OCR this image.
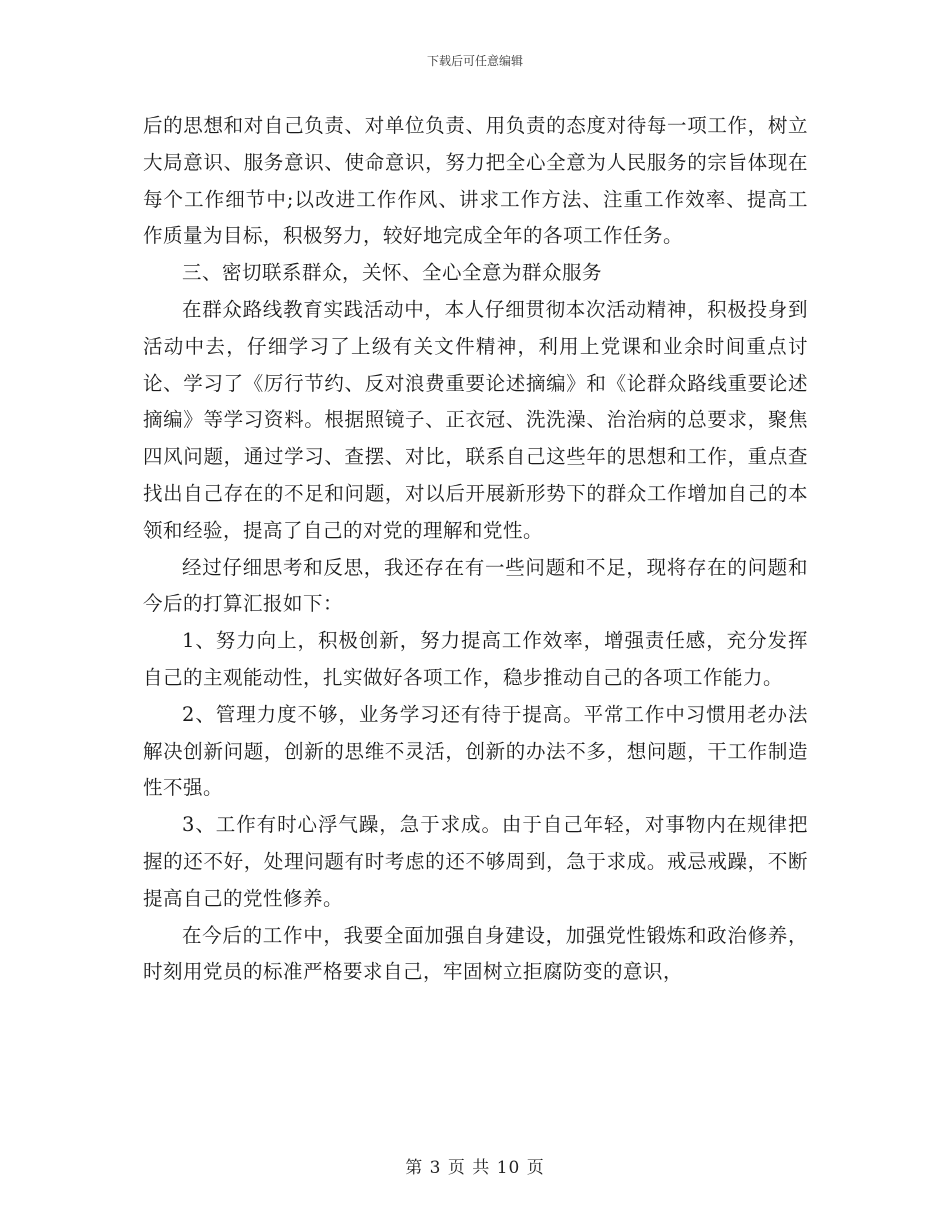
下载后可任意编辑

后的思想和对自己负责、对单位负责、用负责的态度对待每一项工作，树立大局意识、服务意识、使命意识，努力把全心全意为人民服务的宗旨体现在每个工作细节中;以改进工作作风、讲求工作方法、注重工作效率、提高工作质量为目标，积极努力，较好地完成全年的各项工作任务。

三、密切联系群众，关怀、全心全意为群众服务

在群众路线教育实践活动中，本人仔细贯彻本次活动精神，积极投身到活动中去，仔细学习了上级有关文件精神，利用上党课和业余时间重点讨论、学习了《厉行节约、反对浪费重要论述摘编》和《论群众路线重要论述摘编》等学习资料。根据照镜子、正衣冠、洗洗澡、治治病的总要求，聚焦四风问题，通过学习、查摆、对比，联系自己这些年的思想和工作，重点查找出自己存在的不足和问题，对以后开展新形势下的群众工作增加自己的本领和经验，提高了自己的对党的理解和党性。

经过仔细思考和反思，我还存在有一些问题和不足，现将存在的问题和今后的打算汇报如下：

1、努力向上，积极创新，努力提高工作效率，增强责任感，充分发挥自己的主观能动性，扎实做好各项工作，稳步推动自己的各项工作能力。

2、管理力度不够，业务学习还有待于提高。平常工作中习惯用老办法解决创新问题，创新的思维不灵活，创新的办法不多，想问题，干工作制造性不强。

3、工作有时心浮气躁，急于求成。由于自己年轻，对事物内在规律把握的还不好，处理问题有时考虑的还不够周到，急于求成。戒忌戒躁，不断提高自己的党性修养。

在今后的工作中，我要全面加强自身建设，加强党性锻炼和政治修养，时刻用党员的标准严格要求自己，牢固树立拒腐防变的意识，

第 3 页 共 10 页
